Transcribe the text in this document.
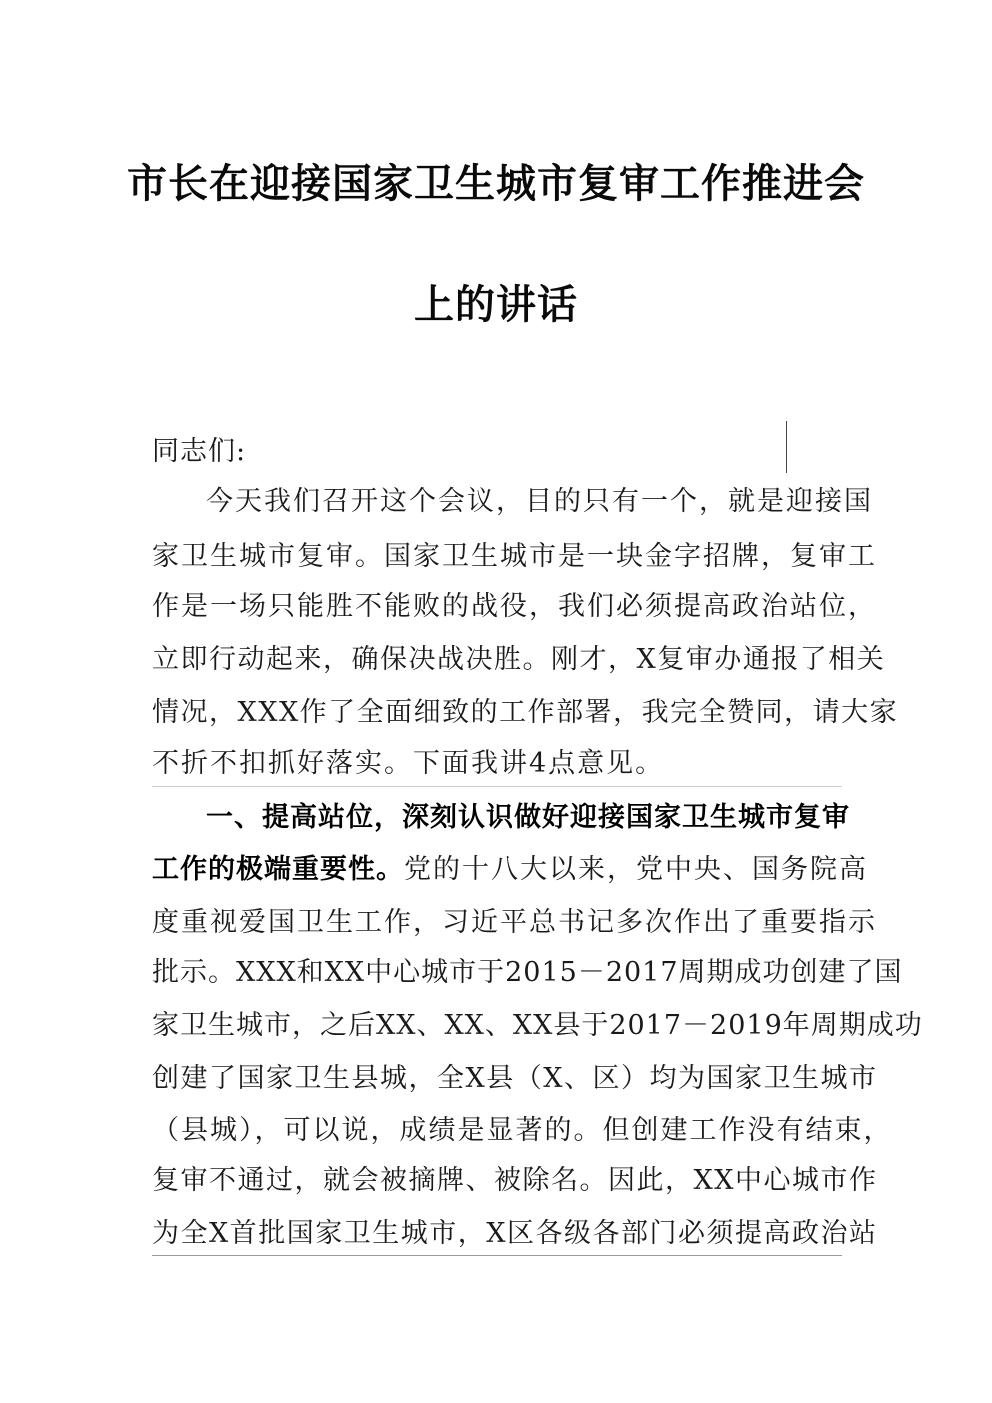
市长在迎接国家卫生城市复审工作推进会
上的讲话
同志们:
今天我们召开这个会议，目的只有一个，就是迎接国
家卫生城市复审。国家卫生城市是一块金字招牌，复审工
作是一场只能胜不能败的战役，我们必须提高政治站位，
立即行动起来，确保决战决胜。刚才，X复审办通报了相关
情况，XXX作了全面细致的工作部署，我完全赞同，请大家
不折不扣抓好落实。下面我讲4点意见。
一、提高站位，深刻认识做好迎接国家卫生城市复审
工作的极端重要性。党的十八大以来，党中央、国务院高
度重视爱国卫生工作，习近平总书记多次作出了重要指示
批示。XXX和XX中心城市于2015－2017周期成功创建了国
家卫生城市，之后XX、XX、XX县于2017－2019年周期成功
创建了国家卫生县城，全X县（X、区）均为国家卫生城市
（县城），可以说，成绩是显著的。但创建工作没有结束，
复审不通过，就会被摘牌、被除名。因此，XX中心城市作
为全X首批国家卫生城市，X区各级各部门必须提高政治站
